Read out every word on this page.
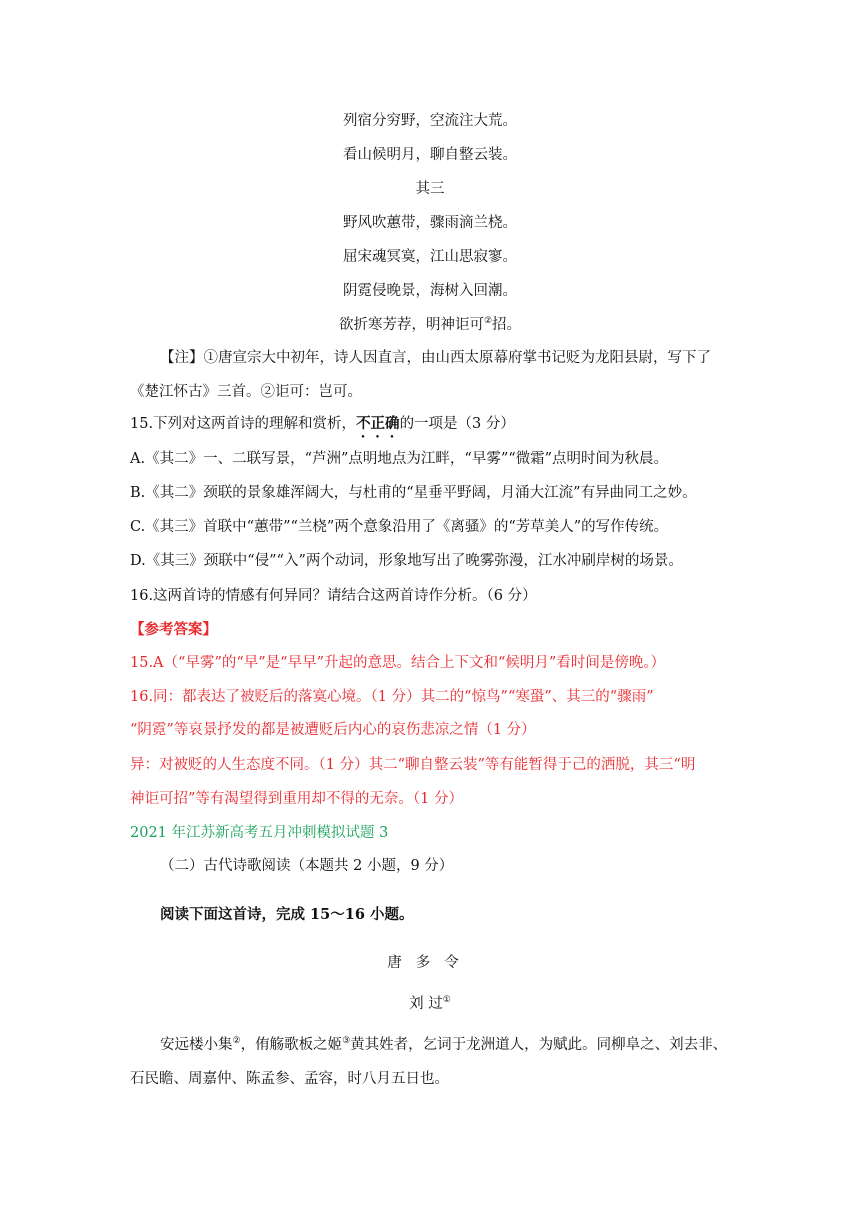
列宿分穷野，空流注大荒。
看山候明月，聊自整云装。
其三
野风吹蕙带，骤雨滴兰桡。
屈宋魂冥寞，江山思寂寥。
阴霓侵晚景，海树入回潮。
欲折寒芳荐，明神讵可②招。
【注】①唐宣宗大中初年，诗人因直言，由山西太原幕府掌书记贬为龙阳县尉，写下了
《楚江怀古》三首。②讵可：岂可。
15.下列对这两首诗的理解和赏析，不正确的一项是（3 分）
A.《其二》一、二联写景，“芦洲”点明地点为江畔，“早雾”“微霜”点明时间为秋晨。
B.《其二》颈联的景象雄浑阔大，与杜甫的“星垂平野阔，月涌大江流”有异曲同工之妙。
C.《其三》首联中“蕙带”“兰桡”两个意象沿用了《离骚》的“芳草美人”的写作传统。
D.《其三》颈联中“侵”“入”两个动词，形象地写出了晚雾弥漫，江水冲刷岸树的场景。
16.这两首诗的情感有何异同？请结合这两首诗作分析。（6 分）
【参考答案】
15.A（“早雾”的“早”是“早早”升起的意思。结合上下文和“候明月”看时间是傍晚。）
16.同：都表达了被贬后的落寞心境。（1 分）其二的“惊鸟”“寒蛩”、其三的“骤雨”
“阴霓”等哀景抒发的都是被遭贬后内心的哀伤悲凉之情（1 分）
异：对被贬的人生态度不同。（1 分）其二“聊自整云装”等有能暂得于己的洒脱，其三“明
神讵可招”等有渴望得到重用却不得的无奈。（1 分）
2021 年江苏新高考五月冲刺模拟试题 3
（二）古代诗歌阅读（本题共 2 小题，9 分）
阅读下面这首诗，完成 15～16 小题。
唐多令
刘 过①
安远楼小集②，侑觞歌板之姬③黄其姓者，乞词于龙洲道人，为赋此。同柳阜之、刘去非、
石民瞻、周嘉仲、陈孟参、孟容，时八月五日也。
